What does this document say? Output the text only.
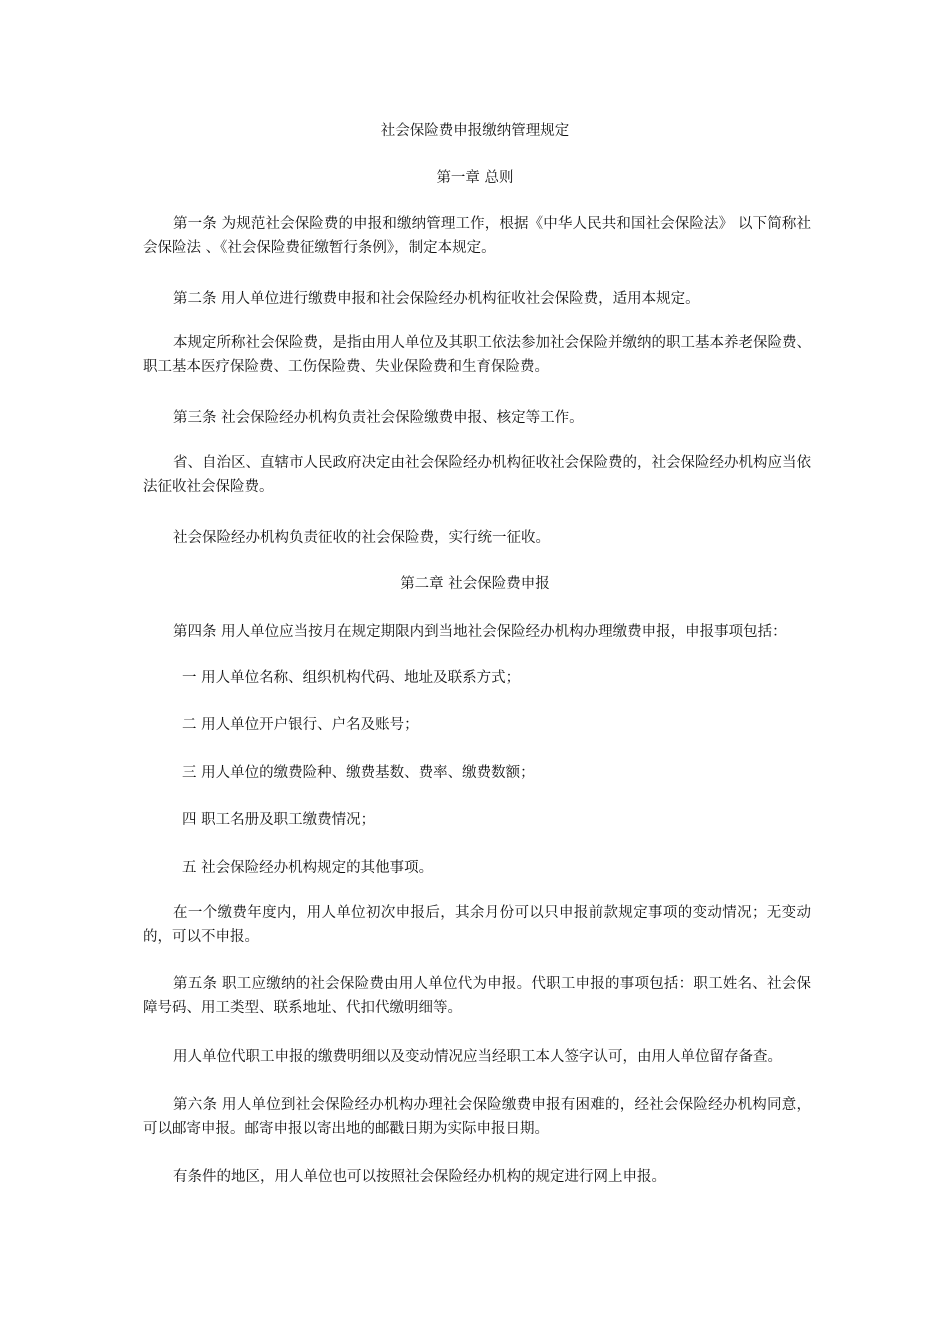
社会保险费申报缴纳管理规定
第一章 总则
第一条 为规范社会保险费的申报和缴纳管理工作，根据《中华人民共和国社会保险法》 以下简称社会保险法 、《社会保险费征缴暂行条例》，制定本规定。
第二条 用人单位进行缴费申报和社会保险经办机构征收社会保险费，适用本规定。
本规定所称社会保险费，是指由用人单位及其职工依法参加社会保险并缴纳的职工基本养老保险费、职工基本医疗保险费、工伤保险费、失业保险费和生育保险费。
第三条 社会保险经办机构负责社会保险缴费申报、核定等工作。
省、自治区、直辖市人民政府决定由社会保险经办机构征收社会保险费的，社会保险经办机构应当依法征收社会保险费。
社会保险经办机构负责征收的社会保险费，实行统一征收。
第二章 社会保险费申报
第四条 用人单位应当按月在规定期限内到当地社会保险经办机构办理缴费申报，申报事项包括：
一 用人单位名称、组织机构代码、地址及联系方式；
二 用人单位开户银行、户名及账号；
三 用人单位的缴费险种、缴费基数、费率、缴费数额；
四 职工名册及职工缴费情况；
五 社会保险经办机构规定的其他事项。
在一个缴费年度内，用人单位初次申报后，其余月份可以只申报前款规定事项的变动情况；无变动的，可以不申报。
第五条 职工应缴纳的社会保险费由用人单位代为申报。代职工申报的事项包括：职工姓名、社会保障号码、用工类型、联系地址、代扣代缴明细等。
用人单位代职工申报的缴费明细以及变动情况应当经职工本人签字认可，由用人单位留存备查。
第六条 用人单位到社会保险经办机构办理社会保险缴费申报有困难的，经社会保险经办机构同意，可以邮寄申报。邮寄申报以寄出地的邮戳日期为实际申报日期。
有条件的地区，用人单位也可以按照社会保险经办机构的规定进行网上申报。
